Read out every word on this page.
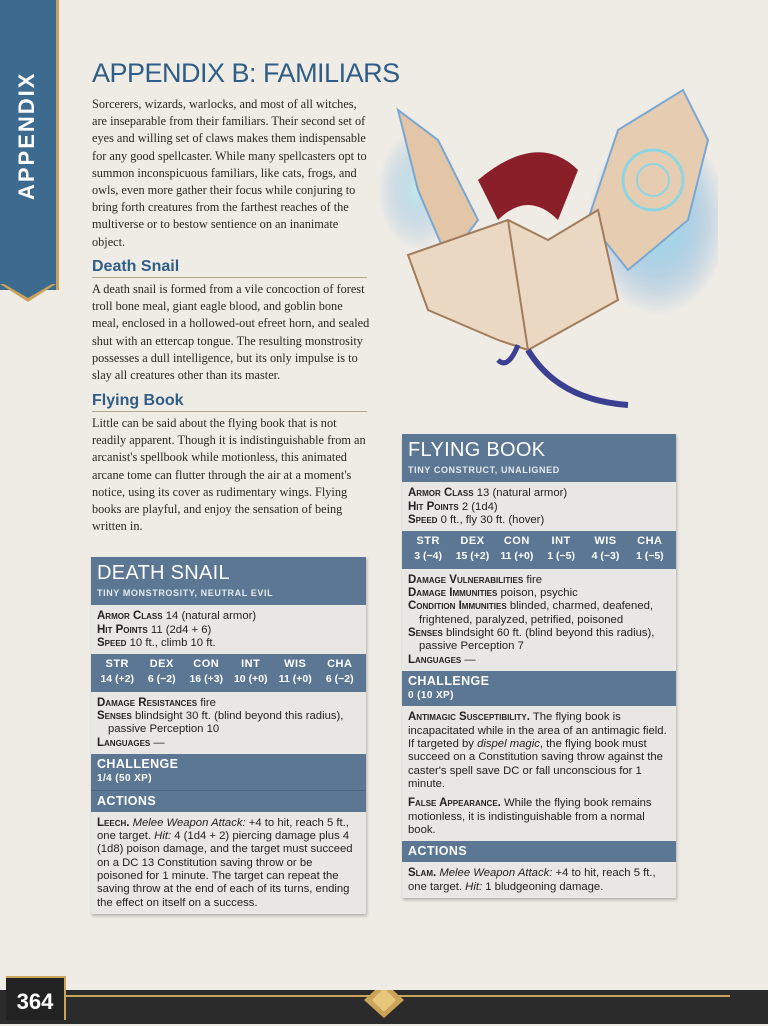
APPENDIX APPENDIX B: FAMILIARS

Sorcerers, wizards, warlocks, and most of all witches, are inseparable from their familiars. Their second set of eyes and willing set of claws makes them indispensable for any good spellcaster. While many spellcasters opt to summon inconspicuous familiars, like cats, frogs, and owls, even more gather their focus while conjuring to bring forth creatures from the farthest reaches of the multiverse or to bestow sentience on an inanimate object.

Death Snail

A death snail is formed from a vile concoction of forest troll bone meal, giant eagle blood, and goblin bone meal, enclosed in a hollowed-out efreet horn, and sealed shut with an ettercap tongue. The resulting monstrosity possesses a dull intelligence, but its only impulse is to slay all creatures other than its master.

Flying Book

Little can be said about the flying book that is not readily apparent. Though it is indistinguishable from an arcanist's spellbook while motionless, this animated arcane tome can flutter through the air at a moment's notice, using its cover as rudimentary wings. Flying books are playful, and enjoy the sensation of being written in.

DEATH SNAIL
TINY MONSTROSITY, NEUTRAL EVIL

Armor Class 14 (natural armor)

Hit Points 11 (2d4 + 6)

Speed 10 ft., climb 10 ft.

STR
14 (+2)
DEX
6 (−2)
CON
16 (+3)
INT
10 (+0)
WIS
11 (+0)
CHA
6 (−2)

Damage Resistances fire

Senses blindsight 30 ft. (blind beyond this radius), passive Perception 10

Languages —

CHALLENGE
1/4 (50 XP)
ACTIONS

Leech. Melee Weapon Attack: +4 to hit, reach 5 ft., one target. Hit: 4 (1d4 + 2) piercing damage plus 4 (1d8) poison damage, and the target must succeed on a DC 13 Constitution saving throw or be poisoned for 1 minute. The target can repeat the saving throw at the end of each of its turns, ending the effect on itself on a success.

FLYING BOOK
TINY CONSTRUCT, UNALIGNED

Armor Class 13 (natural armor)

Hit Points 2 (1d4)

Speed 0 ft., fly 30 ft. (hover)

STR
3 (−4)
DEX
15 (+2)
CON
11 (+0)
INT
1 (−5)
WIS
4 (−3)
CHA
1 (−5)

Damage Vulnerabilities fire

Damage Immunities poison, psychic

Condition Immunities blinded, charmed, deafened, frightened, paralyzed, petrified, poisoned

Senses blindsight 60 ft. (blind beyond this radius), passive Perception 7

Languages —

CHALLENGE
0 (10 XP)

Antimagic Susceptibility. The flying book is incapacitated while in the area of an antimagic field. If targeted by dispel magic, the flying book must succeed on a Constitution saving throw against the caster's spell save DC or fall unconscious for 1 minute.

False Appearance. While the flying book remains motionless, it is indistinguishable from a normal book.

ACTIONS

Slam. Melee Weapon Attack: +4 to hit, reach 5 ft., one target. Hit: 1 bludgeoning damage.

364
